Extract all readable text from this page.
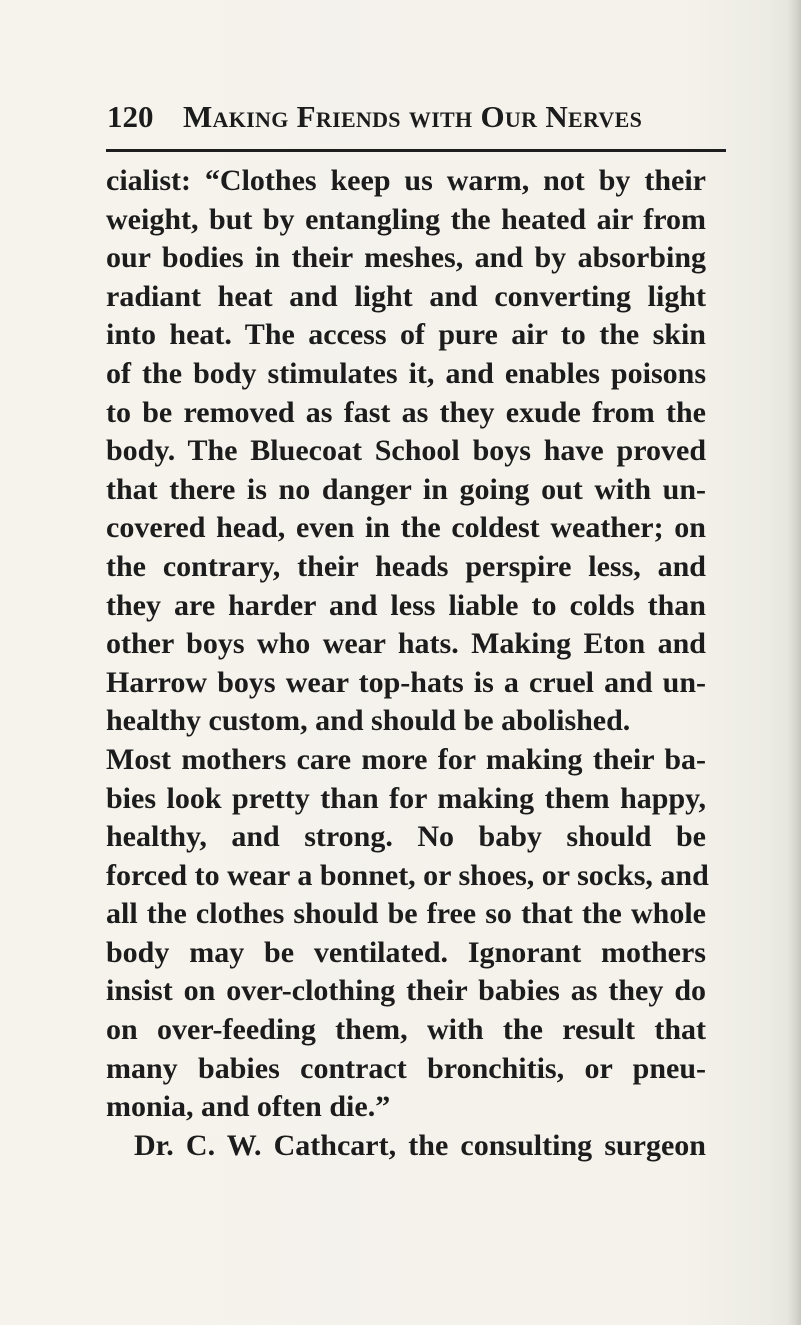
120 Making Friends with Our Nerves
cialist: “Clothes keep us warm, not by their
weight, but by entangling the heated air from
our bodies in their meshes, and by absorbing
radiant heat and light and converting light
into heat. The access of pure air to the skin
of the body stimulates it, and enables poisons
to be removed as fast as they exude from the
body. The Bluecoat School boys have proved
that there is no danger in going out with un-
covered head, even in the coldest weather; on
the contrary, their heads perspire less, and
they are harder and less liable to colds than
other boys who wear hats. Making Eton and
Harrow boys wear top-hats is a cruel and un-
healthy custom, and should be abolished.
Most mothers care more for making their ba-
bies look pretty than for making them happy,
healthy, and strong. No baby should be
forced to wear a bonnet, or shoes, or socks, and
all the clothes should be free so that the whole
body may be ventilated. Ignorant mothers
insist on over-clothing their babies as they do
on over-feeding them, with the result that
many babies contract bronchitis, or pneu-
monia, and often die.”
Dr. C. W. Cathcart, the consulting surgeon
